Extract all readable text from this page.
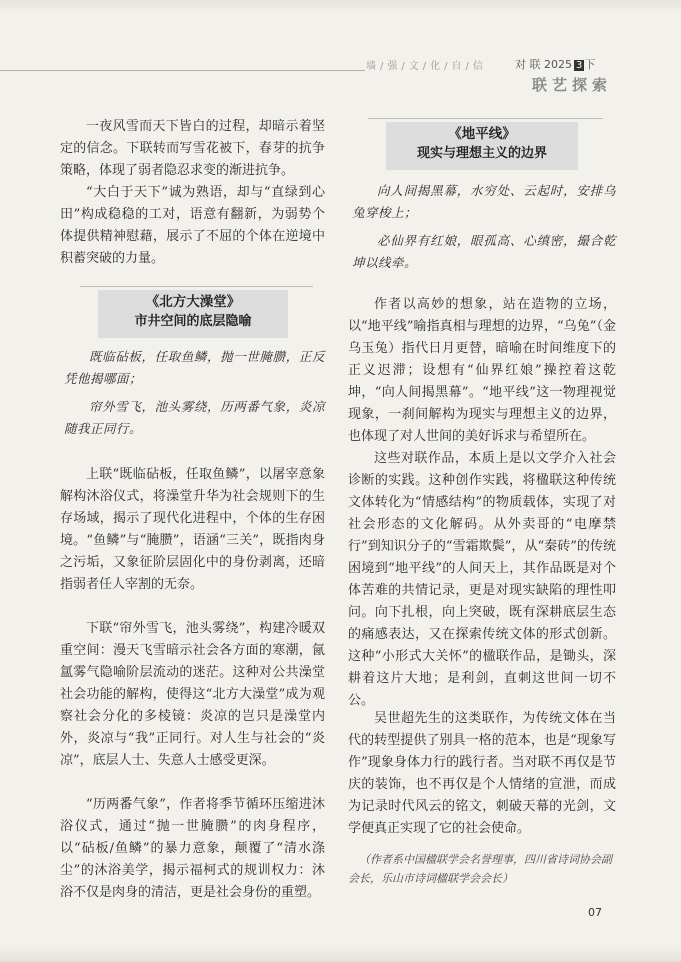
墙/强/文/化/自/信	对 联 2025 3 下
联艺探索
一夜风雪而天下皆白的过程，却暗示着坚定的信念。下联转而写雪花被下，春芽的抗争策略，体现了弱者隐忍求变的渐进抗争。
“大白于天下”诚为熟语，却与“直绿到心田”构成稳稳的工对，语意有翻新，为弱势个体提供精神慰藉，展示了不屈的个体在逆境中积蓄突破的力量。
《北方大澡堂》
市井空间的底层隐喻
既临砧板，任取鱼鳞，抛一世腌臜，正反凭他揭哪面；
帘外雪飞，池头雾绕，历两番气象，炎凉随我正同行。
上联“既临砧板，任取鱼鳞”，以屠宰意象解构沐浴仪式，将澡堂升华为社会规则下的生存场域，揭示了现代化进程中，个体的生存困境。“鱼鳞”与“腌臜”，语涵“三关”，既指肉身之污垢，又象征阶层固化中的身份剥离，还暗指弱者任人宰割的无奈。
下联“帘外雪飞，池头雾绕”，构建冷暖双重空间：漫天飞雪暗示社会各方面的寒潮，氤氲雾气隐喻阶层流动的迷茫。这种对公共澡堂社会功能的解构，使得这“北方大澡堂”成为观察社会分化的多棱镜：炎凉的岂只是澡堂内外，炎凉与“我”正同行。对人生与社会的“炎凉”，底层人士、失意人士感受更深。
“历两番气象”，作者将季节循环压缩进沐浴仪式，通过“抛一世腌臜”的肉身程序，以“砧板/鱼鳞”的暴力意象，颠覆了“清水涤尘”的沐浴美学，揭示福柯式的规训权力：沐浴不仅是肉身的清洁，更是社会身份的重塑。
《地平线》
现实与理想主义的边界
向人间揭黑幕，水穷处、云起时，安排乌兔穿梭上；
必仙界有红娘，眼孤高、心缜密，撮合乾坤以线牵。
作者以高妙的想象，站在造物的立场，以“地平线”喻指真相与理想的边界，“乌兔”（金乌玉兔）指代日月更替，暗喻在时间维度下的正义迟滞；设想有“仙界红娘”操控着这乾坤，“向人间揭黑幕”。“地平线”这一物理视觉现象，一刹间解构为现实与理想主义的边界，也体现了对人世间的美好诉求与希望所在。
这些对联作品，本质上是以文学介入社会诊断的实践。这种创作实践，将楹联这种传统文体转化为“情感结构”的物质载体，实现了对社会形态的文化解码。从外卖哥的“电摩禁行”到知识分子的“雪霜欺鬓”，从“秦砖”的传统困境到“地平线”的人间天上，其作品既是对个体苦难的共情记录，更是对现实缺陷的理性叩问。向下扎根，向上突破，既有深耕底层生态的痛感表达，又在探索传统文体的形式创新。这种“小形式大关怀”的楹联作品，是锄头，深耕着这片大地；是利剑，直刺这世间一切不公。
吴世超先生的这类联作，为传统文体在当代的转型提供了别具一格的范本，也是“现象写作”现象身体力行的践行者。当对联不再仅是节庆的装饰，也不再仅是个人情绪的宣泄，而成为记录时代风云的铭文，刺破天幕的光剑，文学便真正实现了它的社会使命。
（作者系中国楹联学会名誉理事，四川省诗词协会副会长，乐山市诗词楹联学会会长）
07
